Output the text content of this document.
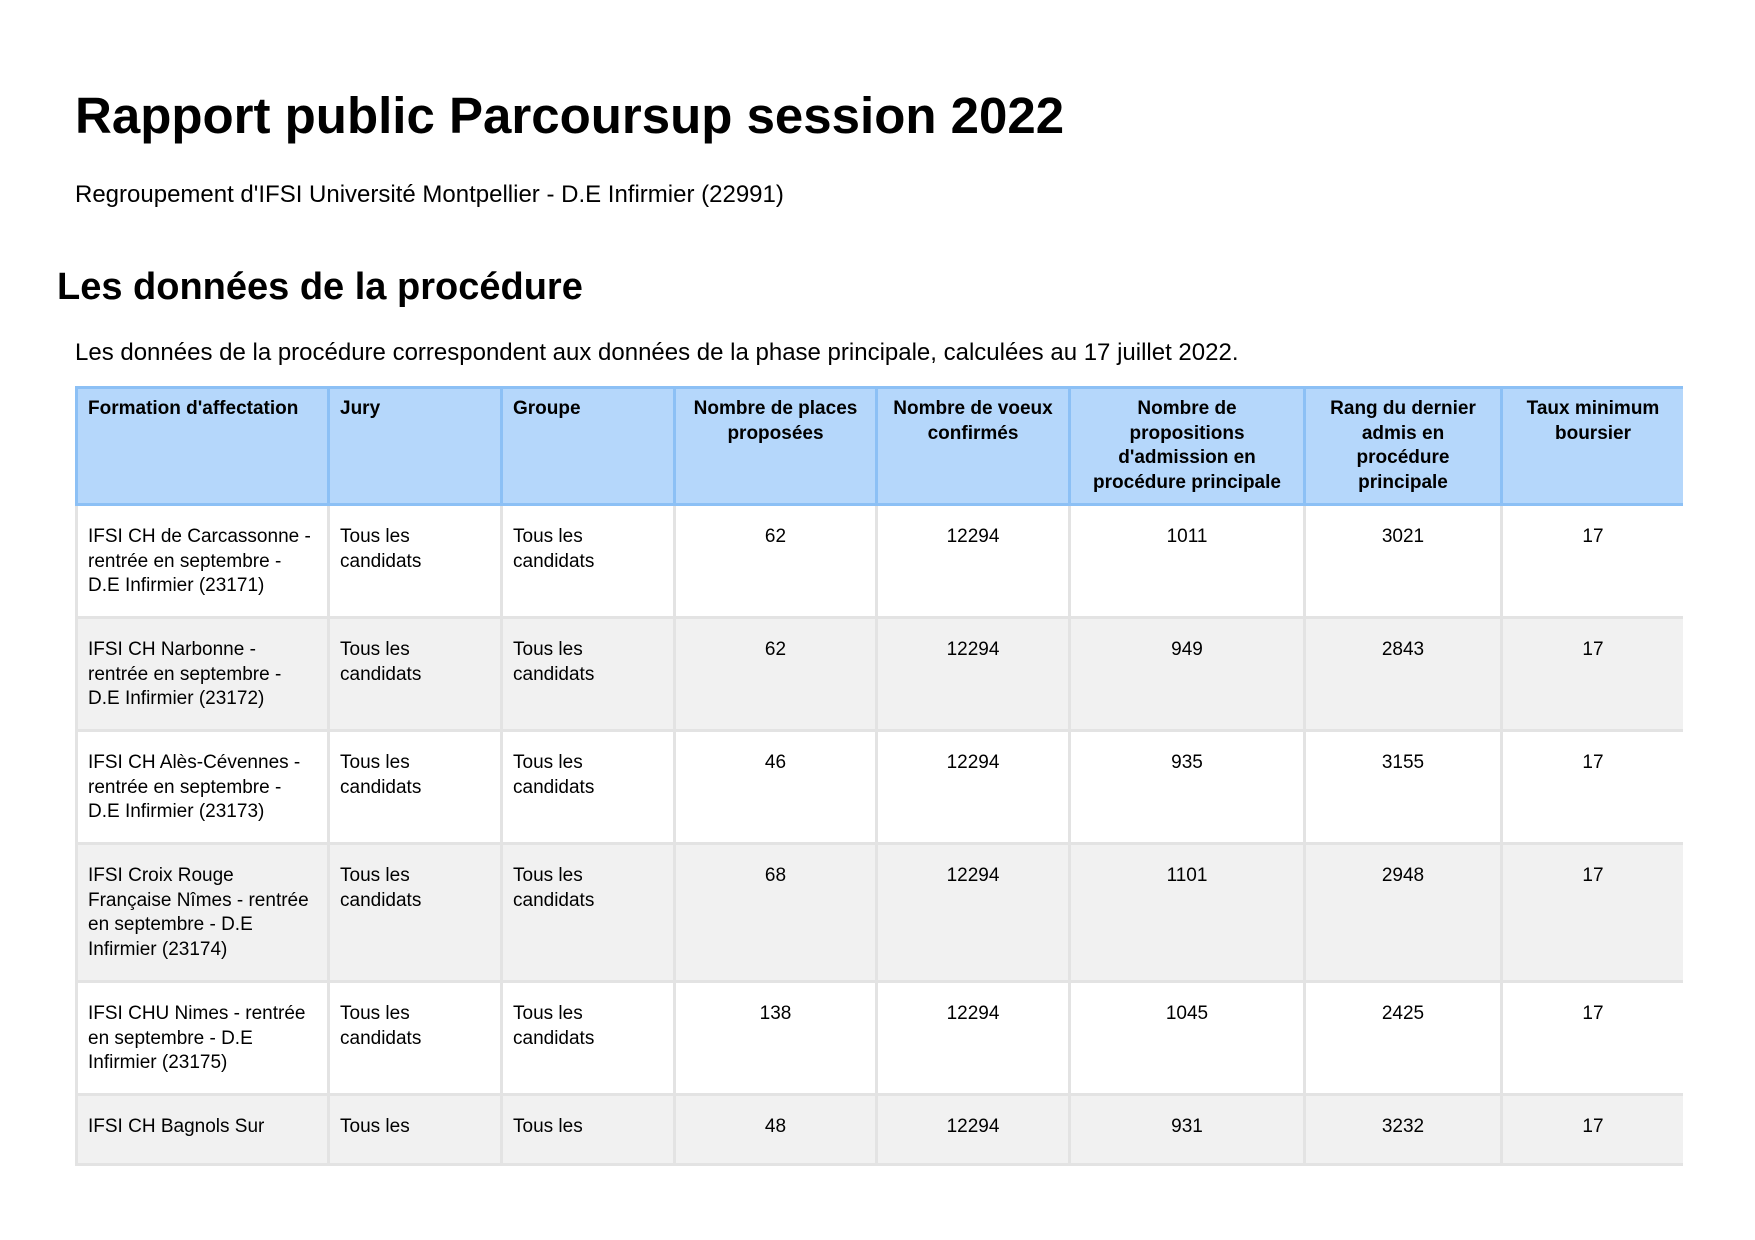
Rapport public Parcoursup session 2022

Regroupement d'IFSI Université Montpellier - D.E Infirmier (22991)

Les données de la procédure

Les données de la procédure correspondent aux données de la phase principale, calculées au 17 juillet 2022.

Formation d'affectation	Jury	Groupe	Nombre de places proposées	Nombre de voeux confirmés	Nombre de propositions d'admission en procédure principale	Rang du dernier admis en procédure principale	Taux minimum boursier
IFSI CH de Carcassonne - rentrée en septembre - D.E Infirmier (23171)	Tous les candidats	Tous les candidats	62	12294	1011	3021	17
IFSI CH Narbonne - rentrée en septembre - D.E Infirmier (23172)	Tous les candidats	Tous les candidats	62	12294	949	2843	17
IFSI CH Alès-Cévennes - rentrée en septembre - D.E Infirmier (23173)	Tous les candidats	Tous les candidats	46	12294	935	3155	17
IFSI Croix Rouge Française Nîmes - rentrée en septembre - D.E Infirmier (23174)	Tous les candidats	Tous les candidats	68	12294	1101	2948	17
IFSI CHU Nimes - rentrée en septembre - D.E Infirmier (23175)	Tous les candidats	Tous les candidats	138	12294	1045	2425	17
IFSI CH Bagnols Sur	Tous les	Tous les	48	12294	931	3232	17
